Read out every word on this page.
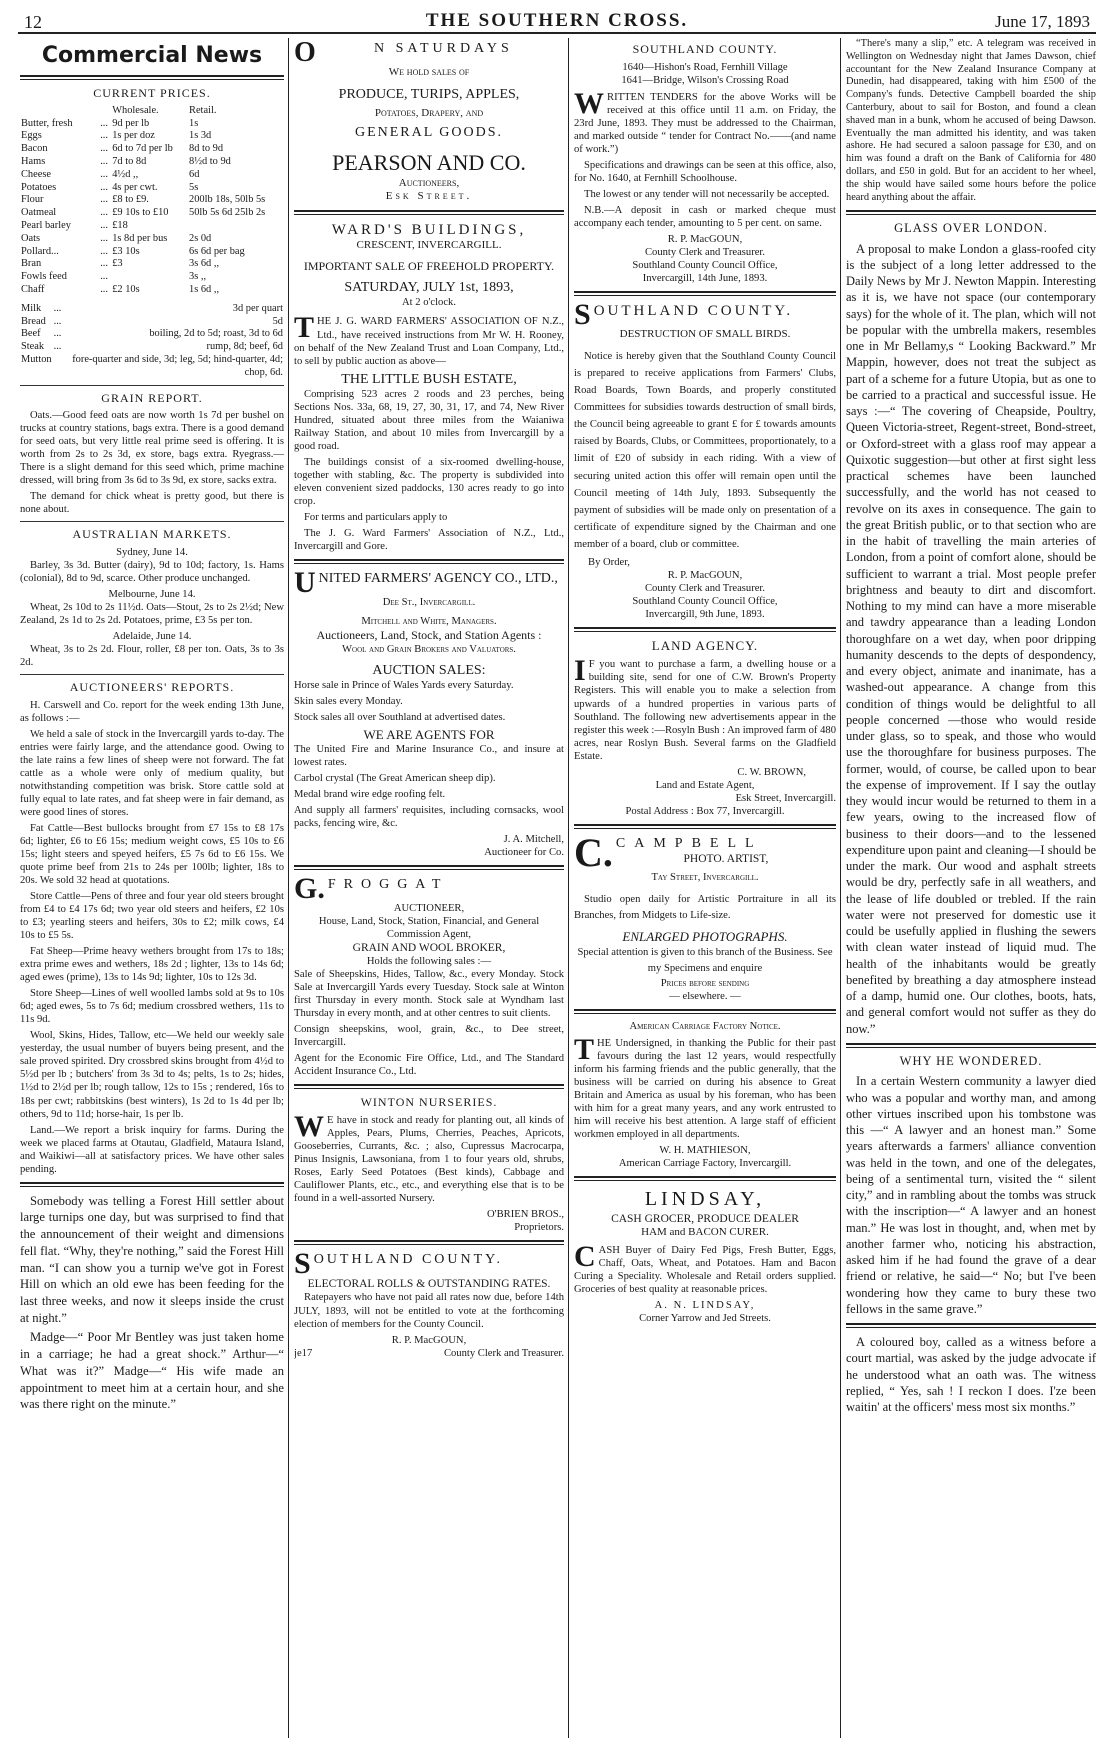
12	THE SOUTHERN CROSS.	June 17, 1893
Commercial News
CURRENT PRICES.
		Wholesale.	Retail.
Butter, fresh	...	9d per lb	1s
Eggs	...	1s per doz	1s 3d
Bacon	...	6d to 7d per lb	8d to 9d
Hams	...	7d to 8d	8½d to 9d
Cheese	...	4½d ,,	6d
Potatoes	...	4s per cwt.	5s
Flour	...	£8 to £9.	200lb 18s, 50lb 5s
Oatmeal	...	£9 10s to £10	50lb 5s 6d 25lb 2s
Pearl barley	...	£18	
Oats	...	1s 8d per bus	2s 0d
Pollard...	...	£3 10s	6s 6d per bag
Bran	...	£3	3s 6d ,,
Fowls feed	...		3s ,,
Chaff	...	£2 10s	1s 6d ,,
Milk	...	3d per quart
Bread	...	5d
Beef	...	boiling, 2d to 5d; roast, 3d to 6d
Steak	...	rump, 8d; beef, 6d
Mutton		fore-quarter and side, 3d; leg, 5d; hind-quarter, 4d; chop, 6d.
GRAIN REPORT.

Oats.—Good feed oats are now worth 1s 7d per bushel on trucks at country stations, bags extra. There is a good demand for seed oats, but very little real prime seed is offering. It is worth from 2s to 2s 3d, ex store, bags extra. Ryegrass.—There is a slight demand for this seed which, prime machine dressed, will bring from 3s 6d to 3s 9d, ex store, sacks extra.

The demand for chick wheat is pretty good, but there is none about.

AUSTRALIAN MARKETS.
Sydney, June 14.

Barley, 3s 3d. Butter (dairy), 9d to 10d; factory, 1s. Hams (colonial), 8d to 9d, scarce. Other produce unchanged.

Melbourne, June 14.

Wheat, 2s 10d to 2s 11½d. Oats—Stout, 2s to 2s 2½d; New Zealand, 2s 1d to 2s 2d. Potatoes, prime, £3 5s per ton.

Adelaide, June 14.

Wheat, 3s to 2s 2d. Flour, roller, £8 per ton. Oats, 3s to 3s 2d.

AUCTIONEERS' REPORTS.

H. Carswell and Co. report for the week ending 13th June, as follows :—

We held a sale of stock in the Invercargill yards to-day. The entries were fairly large, and the attendance good. Owing to the late rains a few lines of sheep were not forward. The fat cattle as a whole were only of medium quality, but notwithstanding competition was brisk. Store cattle sold at fully equal to late rates, and fat sheep were in fair demand, as were good lines of stores.

Fat Cattle—Best bullocks brought from £7 15s to £8 17s 6d; lighter, £6 to £6 15s; medium weight cows, £5 10s to £6 15s; light steers and speyed heifers, £5 7s 6d to £6 15s. We quote prime beef from 21s to 24s per 100lb; lighter, 18s to 20s. We sold 32 head at quotations.

Store Cattle—Pens of three and four year old steers brought from £4 to £4 17s 6d; two year old steers and heifers, £2 10s to £3; yearling steers and heifers, 30s to £2; milk cows, £4 10s to £5 5s.

Fat Sheep—Prime heavy wethers brought from 17s to 18s; extra prime ewes and wethers, 18s 2d ; lighter, 13s to 14s 6d; aged ewes (prime), 13s to 14s 9d; lighter, 10s to 12s 3d.

Store Sheep—Lines of well woolled lambs sold at 9s to 10s 6d; aged ewes, 5s to 7s 6d; medium crossbred wethers, 11s to 11s 9d.

Wool, Skins, Hides, Tallow, etc—We held our weekly sale yesterday, the usual number of buyers being present, and the sale proved spirited. Dry crossbred skins brought from 4½d to 5½d per lb ; butchers' from 3s 3d to 4s; pelts, 1s to 2s; hides, 1½d to 2½d per lb; rough tallow, 12s to 15s ; rendered, 16s to 18s per cwt; rabbitskins (best winters), 1s 2d to 1s 4d per lb; others, 9d to 11d; horse-hair, 1s per lb.

Land.—We report a brisk inquiry for farms. During the week we placed farms at Otautau, Gladfield, Mataura Island, and Waikiwi—all at satisfactory prices. We have other sales pending.

Somebody was telling a Forest Hill settler about large turnips one day, but was surprised to find that the announcement of their weight and dimensions fell flat. “Why, they're nothing,” said the Forest Hill man. “I can show you a turnip we've got in Forest Hill on which an old ewe has been feeding for the last three weeks, and now it sleeps inside the crust at night.”

Madge—“ Poor Mr Bentley was just taken home in a carriage; he had a great shock.” Arthur—“ What was it?” Madge—“ His wife made an appointment to meet him at a certain hour, and she was there right on the minute.”

O	N SATURDAYS
We hold sales of
PRODUCE, TURIPS, APPLES,
Potatoes, Drapery, and
GENERAL GOODS.
PEARSON AND CO.
Auctioneers,
Esk Street.
WARD'S BUILDINGS,
CRESCENT, INVERCARGILL.
IMPORTANT SALE OF FREEHOLD PROPERTY.
SATURDAY, JULY 1st, 1893,
At 2 o'clock.

THE J. G. WARD FARMERS' ASSOCIATION OF N.Z., Ltd., have received instructions from Mr W. H. Rooney, on behalf of the New Zealand Trust and Loan Company, Ltd., to sell by public auction as above—

THE LITTLE BUSH ESTATE,

Comprising 523 acres 2 roods and 23 perches, being Sections Nos. 33a, 68, 19, 27, 30, 31, 17, and 74, New River Hundred, situated about three miles from the Waianiwa Railway Station, and about 10 miles from Invercargill by a good road.

The buildings consist of a six-roomed dwelling-house, together with stabling, &c. The property is subdivided into eleven convenient sized paddocks, 130 acres ready to go into crop.

For terms and particulars apply to

The J. G. Ward Farmers' Association of N.Z., Ltd., Invercargill and Gore.

UNITED FARMERS' AGENCY CO., LTD.,
Dee St., Invercargill.
Mitchell and White, Managers.
Auctioneers, Land, Stock, and Station Agents :
Wool and Grain Brokers and Valuators.
AUCTION SALES:

Horse sale in Prince of Wales Yards every Saturday.

Skin sales every Monday.

Stock sales all over Southland at advertised dates.

WE ARE AGENTS FOR

The United Fire and Marine Insurance Co., and insure at lowest rates.

Carbol crystal (The Great American sheep dip).

Medal brand wire edge roofing felt.

And supply all farmers' requisites, including cornsacks, wool packs, fencing wire, &c.

J. A. Mitchell,
Auctioneer for Co.
G. FROGGAT
AUCTIONEER,
House, Land, Stock, Station, Financial, and General Commission Agent,
GRAIN AND WOOL BROKER,
Holds the following sales :—

Sale of Sheepskins, Hides, Tallow, &c., every Monday. Stock Sale at Invercargill Yards every Tuesday. Stock sale at Winton first Thursday in every month. Stock sale at Wyndham last Thursday in every month, and at other centres to suit clients.

Consign sheepskins, wool, grain, &c., to Dee street, Invercargill.

Agent for the Economic Fire Office, Ltd., and The Standard Accident Insurance Co., Ltd.

WINTON NURSERIES.

W E have in stock and ready for planting out, all kinds of Apples, Pears, Plums, Cherries, Peaches, Apricots, Gooseberries, Currants, &c. ; also, Cupressus Macrocarpa, Pinus Insignis, Lawsoniana, from 1 to four years old, shrubs, Roses, Early Seed Potatoes (Best kinds), Cabbage and Cauliflower Plants, etc., etc., and everything else that is to be found in a well-assorted Nursery.

O'BRIEN BROS.,
Proprietors.
SOUTHLAND COUNTY.
ELECTORAL ROLLS & OUTSTANDING RATES.

Ratepayers who have not paid all rates now due, before 14th JULY, 1893, will not be entitled to vote at the forthcoming election of members for the County Council.

R. P. MacGOUN,
je17	County Clerk and Treasurer.
SOUTHLAND COUNTY.
1640—Hishon's Road, Fernhill Village
1641—Bridge, Wilson's Crossing Road

WRITTEN TENDERS for the above Works will be received at this office until 11 a.m. on Friday, the 23rd June, 1893. They must be addressed to the Chairman, and marked outside “ tender for Contract No.——(and name of work.”)

Specifications and drawings can be seen at this office, also, for No. 1640, at Fernhill Schoolhouse.

The lowest or any tender will not necessarily be accepted.

N.B.—A deposit in cash or marked cheque must accompany each tender, amounting to 5 per cent. on same.

R. P. MacGOUN,
County Clerk and Treasurer.
Southland County Council Office,
Invercargill, 14th June, 1893.
SOUTHLAND COUNTY.
DESTRUCTION OF SMALL BIRDS.

Notice is hereby given that the Southland County Council is prepared to receive applications from Farmers' Clubs, Road Boards, Town Boards, and properly constituted Committees for subsidies towards destruction of small birds, the Council being agreeable to grant £ for £ towards amounts raised by Boards, Clubs, or Committees, proportionately, to a limit of £20 of subsidy in each riding. With a view of securing united action this offer will remain open until the Council meeting of 14th July, 1893. Subsequently the payment of subsidies will be made only on presentation of a certificate of expenditure signed by the Chairman and one member of a board, club or committee.

By Order,
R. P. MacGOUN,
County Clerk and Treasurer.
Southland County Council Office,
Invercargill, 9th June, 1893.
LAND AGENCY.

I F you want to purchase a farm, a dwelling house or a building site, send for one of C.W. Brown's Property Registers. This will enable you to make a selection from upwards of a hundred properties in various parts of Southland. The following new advertisements appear in the register this week :—Rosyln Bush : An improved farm of 480 acres, near Roslyn Bush. Several farms on the Gladfield Estate.

C. W. BROWN,
Land and Estate Agent,
Esk Street, Invercargill.
Postal Address : Box 77, Invercargill.
C. CAMPBELL
PHOTO. ARTIST,
Tay Street, Invercargill.

Studio open daily for Artistic Portraiture in all its Branches, from Midgets to Life-size.

ENLARGED PHOTOGRAPHS.
Special attention is given to this branch of the Business. See my Specimens and enquire
Prices before sending
— elsewhere. —
American Carriage Factory Notice.

THE Undersigned, in thanking the Public for their past favours during the last 12 years, would respectfully inform his farming friends and the public generally, that the business will be carried on during his absence to Great Britain and America as usual by his foreman, who has been with him for a great many years, and any work entrusted to him will receive his best attention. A large staff of efficient workmen employed in all departments.

W. H. MATHIESON,
American Carriage Factory, Invercargill.
LINDSAY,
CASH GROCER, PRODUCE DEALER
HAM and BACON CURER.

CASH Buyer of Dairy Fed Pigs, Fresh Butter, Eggs, Chaff, Oats, Wheat, and Potatoes. Ham and Bacon Curing a Speciality. Wholesale and Retail orders supplied. Groceries of best quality at reasonable prices.

A. N. LINDSAY,
Corner Yarrow and Jed Streets.

“There's many a slip,” etc. A telegram was received in Wellington on Wednesday night that James Dawson, chief accountant for the New Zealand Insurance Company at Dunedin, had disappeared, taking with him £500 of the Company's funds. Detective Campbell boarded the ship Canterbury, about to sail for Boston, and found a clean shaved man in a bunk, whom he accused of being Dawson. Eventually the man admitted his identity, and was taken ashore. He had secured a saloon passage for £30, and on him was found a draft on the Bank of California for 480 dollars, and £50 in gold. But for an accident to her wheel, the ship would have sailed some hours before the police heard anything about the affair.

GLASS OVER LONDON.

A proposal to make London a glass-roofed city is the subject of a long letter addressed to the Daily News by Mr J. Newton Mappin. Interesting as it is, we have not space (our contemporary says) for the whole of it. The plan, which will not be popular with the umbrella makers, resembles one in Mr Bellamy,s “ Looking Backward.” Mr Mappin, however, does not treat the subject as part of a scheme for a future Utopia, but as one to be carried to a practical and successful issue. He says :—“ The covering of Cheapside, Poultry, Queen Victoria-street, Regent-street, Bond-street, or Oxford-street with a glass roof may appear a Quixotic suggestion—but other at first sight less practical schemes have been launched successfully, and the world has not ceased to revolve on its axes in consequence. The gain to the great British public, or to that section who are in the habit of travelling the main arteries of London, from a point of comfort alone, should be sufficient to warrant a trial. Most people prefer brightness and beauty to dirt and discomfort. Nothing to my mind can have a more miserable and tawdry appearance than a leading London thoroughfare on a wet day, when poor dripping humanity descends to the depts of despondency, and every object, animate and inanimate, has a washed-out appearance. A change from this condition of things would be delightful to all people concerned —those who would reside under glass, so to speak, and those who would use the thoroughfare for business purposes. The former, would, of course, be called upon to bear the expense of improvement. If I say the outlay they would incur would be returned to them in a few years, owing to the increased flow of business to their doors—and to the lessened expenditure upon paint and cleaning—I should be under the mark. Our wood and asphalt streets would be dry, perfectly safe in all weathers, and the lease of life doubled or trebled. If the rain water were not preserved for domestic use it could be usefully applied in flushing the sewers with clean water instead of liquid mud. The health of the inhabitants would be greatly benefited by breathing a day atmosphere instead of a damp, humid one. Our clothes, boots, hats, and general comfort would not suffer as they do now.”

WHY HE WONDERED.

In a certain Western community a lawyer died who was a popular and worthy man, and among other virtues inscribed upon his tombstone was this —“ A lawyer and an honest man.” Some years afterwards a farmers' alliance convention was held in the town, and one of the delegates, being of a sentimental turn, visited the “ silent city,” and in rambling about the tombs was struck with the inscription—“ A lawyer and an honest man.” He was lost in thought, and, when met by another farmer who, noticing his abstraction, asked him if he had found the grave of a dear friend or relative, he said—“ No; but I've been wondering how they came to bury these two fellows in the same grave.”

A coloured boy, called as a witness before a court martial, was asked by the judge advocate if he understood what an oath was. The witness replied, “ Yes, sah ! I reckon I does. I'ze been waitin' at the officers' mess most six months.”
